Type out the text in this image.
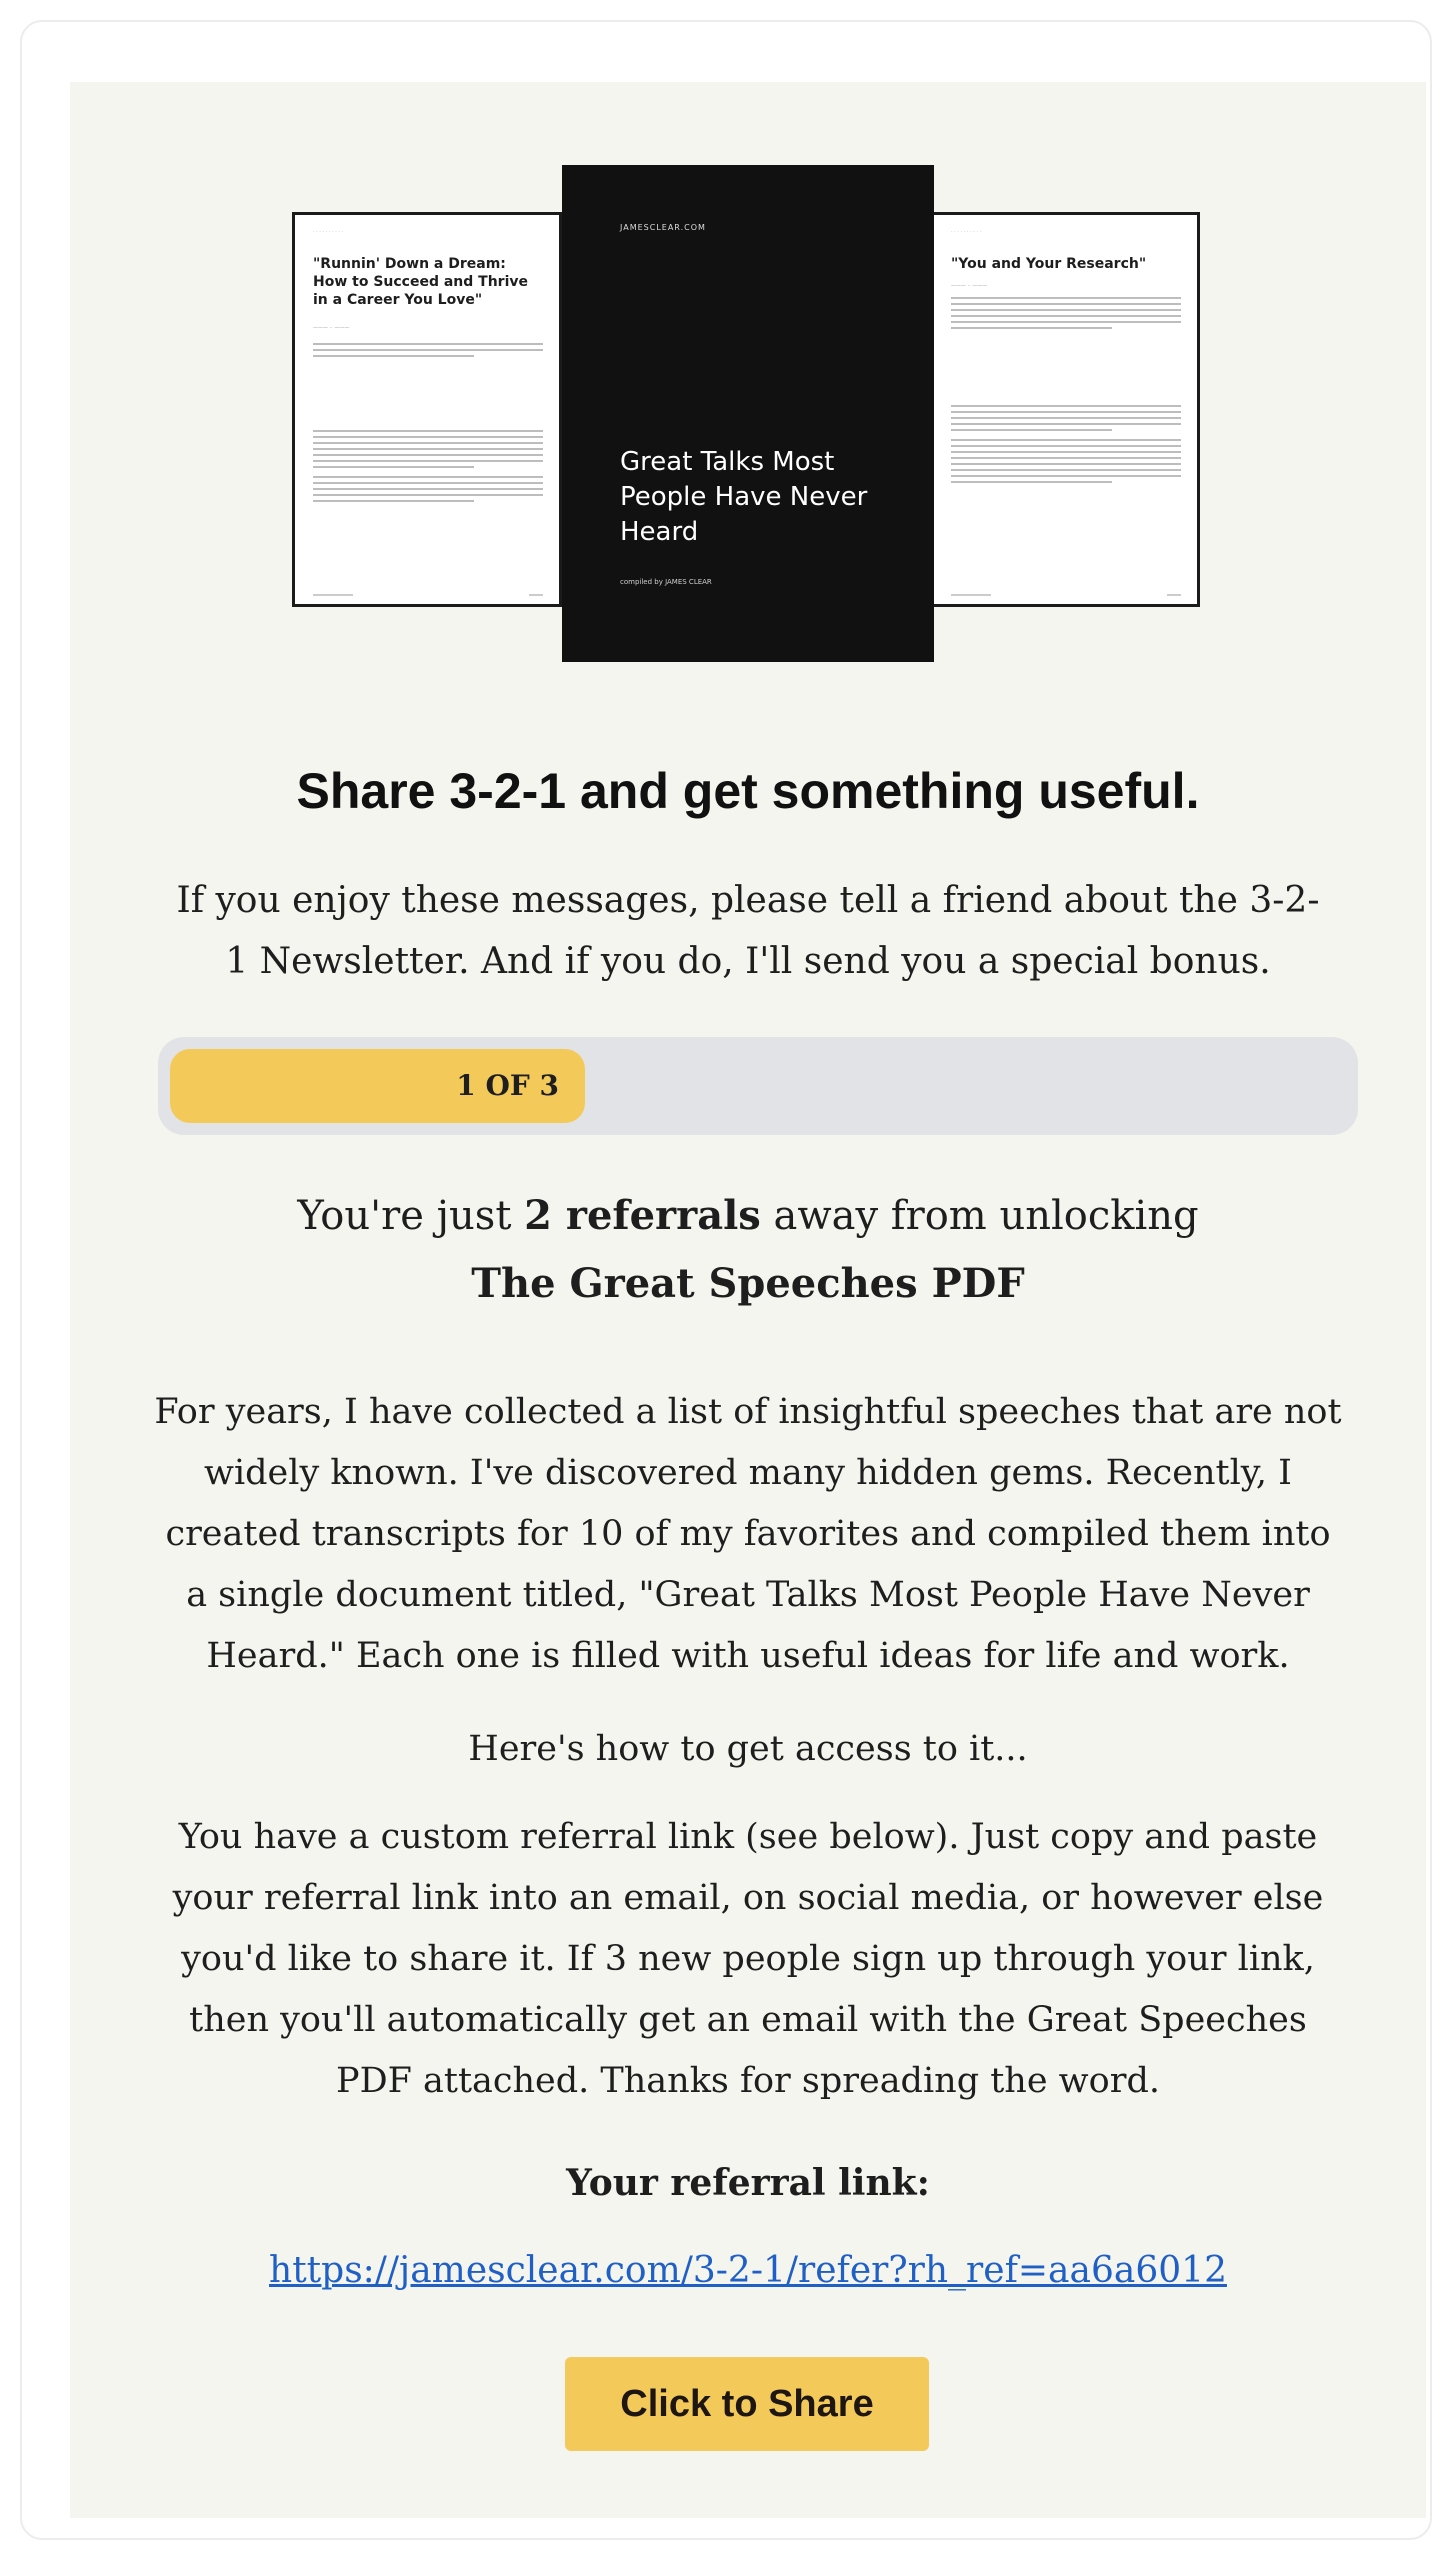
· · · · · · · · · ·
"Runnin' Down a Dream: How to Succeed and Thrive in a Career You Love"
——— ·· ———
· · · · · · · · · ·
"You and Your Research"
——— ·· ———
JAMESCLEAR.COM
Great Talks Most People Have Never Heard
compiled by JAMES CLEAR
Share 3-2-1 and get something useful.
If you enjoy these messages, please tell a friend about the 3-2-1 Newsletter. And if you do, I'll send you a special bonus.
1 OF 3
You're just 2 referrals away from unlocking
The Great Speeches PDF
For years, I have collected a list of insightful speeches that are not widely known. I've discovered many hidden gems. Recently, I created transcripts for 10 of my favorites and compiled them into a single document titled, "Great Talks Most People Have Never Heard." Each one is filled with useful ideas for life and work.
Here's how to get access to it...
You have a custom referral link (see below). Just copy and paste your referral link into an email, on social media, or however else you'd like to share it. If 3 new people sign up through your link, then you'll automatically get an email with the Great Speeches PDF attached. Thanks for spreading the word.
Your referral link:
https://jamesclear.com/3-2-1/refer?rh_ref=aa6a6012
Click to Share
